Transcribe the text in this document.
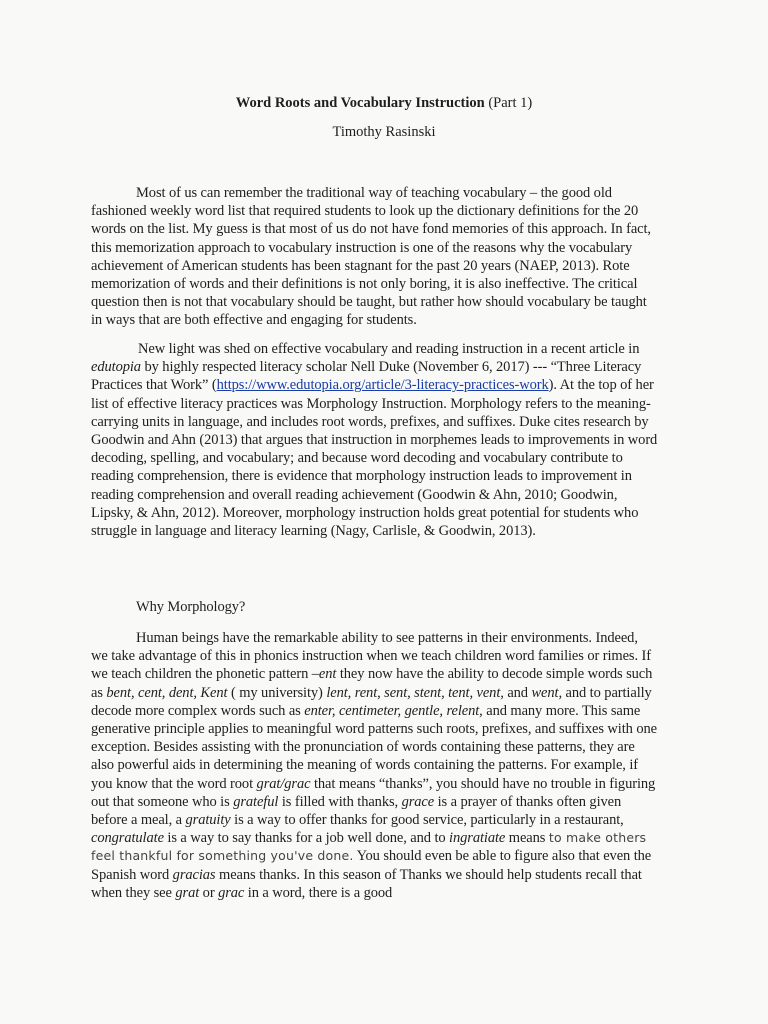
Word Roots and Vocabulary Instruction (Part 1)
Timothy Rasinski

Most of us can remember the traditional way of teaching vocabulary – the good old fashioned weekly word list that required students to look up the dictionary definitions for the 20 words on the list. My guess is that most of us do not have fond memories of this approach. In fact, this memorization approach to vocabulary instruction is one of the reasons why the vocabulary achievement of American students has been stagnant for the past 20 years (NAEP, 2013). Rote memorization of words and their definitions is not only boring, it is also ineffective. The critical question then is not that vocabulary should be taught, but rather how should vocabulary be taught in ways that are both effective and engaging for students.

New light was shed on effective vocabulary and reading instruction in a recent article in edutopia by highly respected literacy scholar Nell Duke (November 6, 2017) --- “Three Literacy Practices that Work” (https://www.edutopia.org/article/3-literacy-practices-work). At the top of her list of effective literacy practices was Morphology Instruction. Morphology refers to the meaning-carrying units in language, and includes root words, prefixes, and suffixes. Duke cites research by Goodwin and Ahn (2013) that argues that instruction in morphemes leads to improvements in word decoding, spelling, and vocabulary; and because word decoding and vocabulary contribute to reading comprehension, there is evidence that morphology instruction leads to improvement in reading comprehension and overall reading achievement (Goodwin & Ahn, 2010; Goodwin, Lipsky, & Ahn, 2012). Moreover, morphology instruction holds great potential for students who struggle in language and literacy learning (Nagy, Carlisle, & Goodwin, 2013).

Why Morphology?

Human beings have the remarkable ability to see patterns in their environments. Indeed, we take advantage of this in phonics instruction when we teach children word families or rimes. If we teach children the phonetic pattern –ent they now have the ability to decode simple words such as bent, cent, dent, Kent ( my university) lent, rent, sent, stent, tent, vent, and went, and to partially decode more complex words such as enter, centimeter, gentle, relent, and many more. This same generative principle applies to meaningful word patterns such roots, prefixes, and suffixes with one exception. Besides assisting with the pronunciation of words containing these patterns, they are also powerful aids in determining the meaning of words containing the patterns. For example, if you know that the word root grat/grac that means “thanks”, you should have no trouble in figuring out that someone who is grateful is filled with thanks, grace is a prayer of thanks often given before a meal, a gratuity is a way to offer thanks for good service, particularly in a restaurant, congratulate is a way to say thanks for a job well done, and to ingratiate means to make others feel thankful for something you've done. You should even be able to figure also that even the Spanish word gracias means thanks. In this season of Thanks we should help students recall that when they see grat or grac in a word, there is a good
